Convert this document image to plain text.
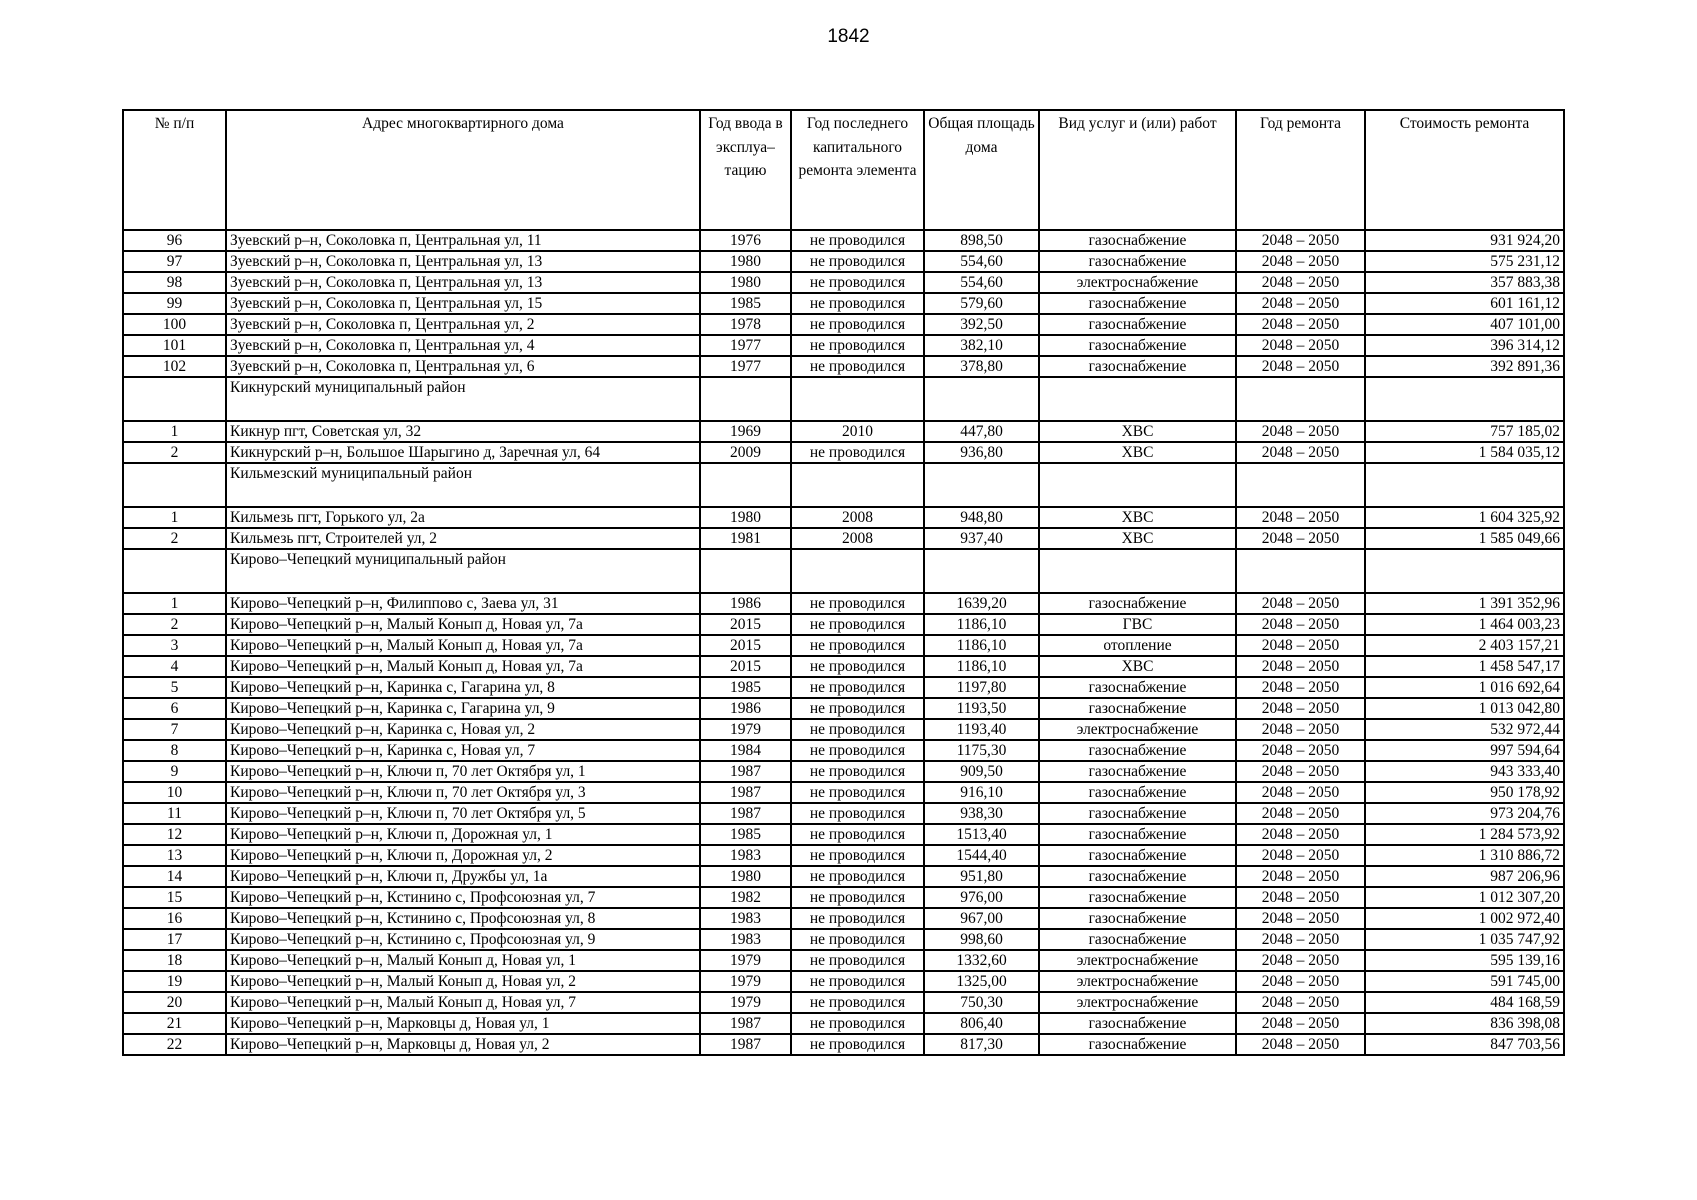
1842
№ п/п	Адрес многоквартирного дома	Год ввода в эксплуа–тацию	Год последнего капитального ремонта элемента	Общая площадь дома	Вид услуг и (или) работ	Год ремонта	Стоимость ремонта
96	Зуевский р–н, Соколовка п, Центральная ул, 11	1976	не проводился	898,50	газоснабжение	2048 – 2050	931 924,20
97	Зуевский р–н, Соколовка п, Центральная ул, 13	1980	не проводился	554,60	газоснабжение	2048 – 2050	575 231,12
98	Зуевский р–н, Соколовка п, Центральная ул, 13	1980	не проводился	554,60	электроснабжение	2048 – 2050	357 883,38
99	Зуевский р–н, Соколовка п, Центральная ул, 15	1985	не проводился	579,60	газоснабжение	2048 – 2050	601 161,12
100	Зуевский р–н, Соколовка п, Центральная ул, 2	1978	не проводился	392,50	газоснабжение	2048 – 2050	407 101,00
101	Зуевский р–н, Соколовка п, Центральная ул, 4	1977	не проводился	382,10	газоснабжение	2048 – 2050	396 314,12
102	Зуевский р–н, Соколовка п, Центральная ул, 6	1977	не проводился	378,80	газоснабжение	2048 – 2050	392 891,36
	Кикнурский муниципальный район						
1	Кикнур пгт, Советская ул, 32	1969	2010	447,80	ХВС	2048 – 2050	757 185,02
2	Кикнурский р–н, Большое Шарыгино д, Заречная ул, 64	2009	не проводился	936,80	ХВС	2048 – 2050	1 584 035,12
	Кильмезский муниципальный район						
1	Кильмезь пгт, Горького ул, 2а	1980	2008	948,80	ХВС	2048 – 2050	1 604 325,92
2	Кильмезь пгт, Строителей ул, 2	1981	2008	937,40	ХВС	2048 – 2050	1 585 049,66
	Кирово–Чепецкий муниципальный район						
1	Кирово–Чепецкий р–н, Филиппово с, Заева ул, 31	1986	не проводился	1639,20	газоснабжение	2048 – 2050	1 391 352,96
2	Кирово–Чепецкий р–н, Малый Конып д, Новая ул, 7а	2015	не проводился	1186,10	ГВС	2048 – 2050	1 464 003,23
3	Кирово–Чепецкий р–н, Малый Конып д, Новая ул, 7а	2015	не проводился	1186,10	отопление	2048 – 2050	2 403 157,21
4	Кирово–Чепецкий р–н, Малый Конып д, Новая ул, 7а	2015	не проводился	1186,10	ХВС	2048 – 2050	1 458 547,17
5	Кирово–Чепецкий р–н, Каринка с, Гагарина ул, 8	1985	не проводился	1197,80	газоснабжение	2048 – 2050	1 016 692,64
6	Кирово–Чепецкий р–н, Каринка с, Гагарина ул, 9	1986	не проводился	1193,50	газоснабжение	2048 – 2050	1 013 042,80
7	Кирово–Чепецкий р–н, Каринка с, Новая ул, 2	1979	не проводился	1193,40	электроснабжение	2048 – 2050	532 972,44
8	Кирово–Чепецкий р–н, Каринка с, Новая ул, 7	1984	не проводился	1175,30	газоснабжение	2048 – 2050	997 594,64
9	Кирово–Чепецкий р–н, Ключи п, 70 лет Октября ул, 1	1987	не проводился	909,50	газоснабжение	2048 – 2050	943 333,40
10	Кирово–Чепецкий р–н, Ключи п, 70 лет Октября ул, 3	1987	не проводился	916,10	газоснабжение	2048 – 2050	950 178,92
11	Кирово–Чепецкий р–н, Ключи п, 70 лет Октября ул, 5	1987	не проводился	938,30	газоснабжение	2048 – 2050	973 204,76
12	Кирово–Чепецкий р–н, Ключи п, Дорожная ул, 1	1985	не проводился	1513,40	газоснабжение	2048 – 2050	1 284 573,92
13	Кирово–Чепецкий р–н, Ключи п, Дорожная ул, 2	1983	не проводился	1544,40	газоснабжение	2048 – 2050	1 310 886,72
14	Кирово–Чепецкий р–н, Ключи п, Дружбы ул, 1а	1980	не проводился	951,80	газоснабжение	2048 – 2050	987 206,96
15	Кирово–Чепецкий р–н, Кстинино с, Профсоюзная ул, 7	1982	не проводился	976,00	газоснабжение	2048 – 2050	1 012 307,20
16	Кирово–Чепецкий р–н, Кстинино с, Профсоюзная ул, 8	1983	не проводился	967,00	газоснабжение	2048 – 2050	1 002 972,40
17	Кирово–Чепецкий р–н, Кстинино с, Профсоюзная ул, 9	1983	не проводился	998,60	газоснабжение	2048 – 2050	1 035 747,92
18	Кирово–Чепецкий р–н, Малый Конып д, Новая ул, 1	1979	не проводился	1332,60	электроснабжение	2048 – 2050	595 139,16
19	Кирово–Чепецкий р–н, Малый Конып д, Новая ул, 2	1979	не проводился	1325,00	электроснабжение	2048 – 2050	591 745,00
20	Кирово–Чепецкий р–н, Малый Конып д, Новая ул, 7	1979	не проводился	750,30	электроснабжение	2048 – 2050	484 168,59
21	Кирово–Чепецкий р–н, Марковцы д, Новая ул, 1	1987	не проводился	806,40	газоснабжение	2048 – 2050	836 398,08
22	Кирово–Чепецкий р–н, Марковцы д, Новая ул, 2	1987	не проводился	817,30	газоснабжение	2048 – 2050	847 703,56
